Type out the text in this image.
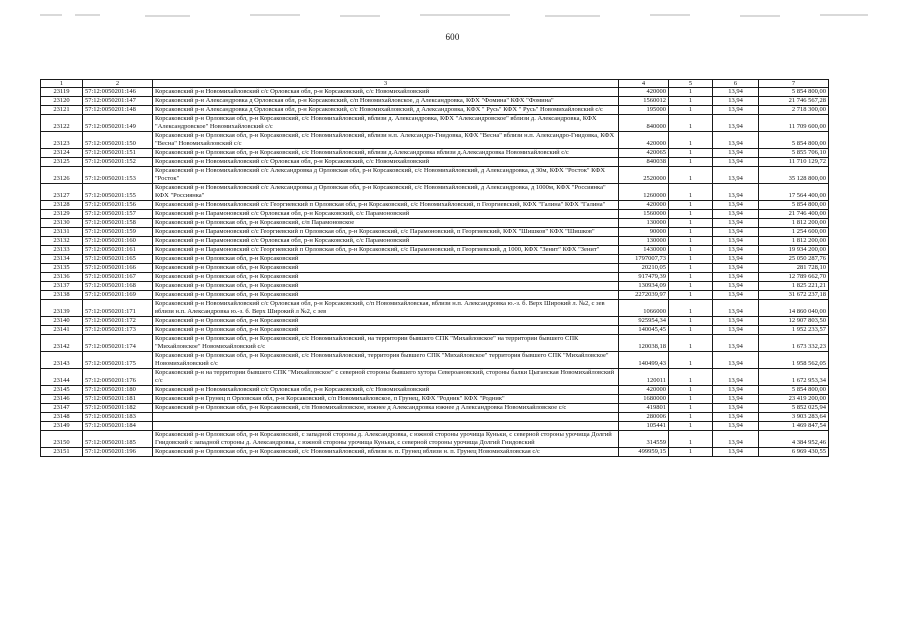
600
1	2	3	4	5	6	7
23119	57:12:0050201:146	Корсаковский р-н Новомихайловский с/с Орловская обл, р-н Корсаковский, с/с Новомихайловский	420000	1	13,94	5 854 800,00
23120	57:12:0050201:147	Корсаковский р-н Александровка д Орловская обл, р-н Корсаковский, с/п Новомихайловское, д Александровка, КФХ "Фомина" КФХ "Фомина"	1560012	1	13,94	21 746 567,28
23121	57:12:0050201:148	Корсаковский р-н Александровка д Орловская обл, р-н Корсаковский, с/с Новомихайловский, д Александровка, КФХ " Русь" КФХ " Русь" Новомихайловский с/с	195000	1	13,94	2 718 300,00
23122	57:12:0050201:149	Корсаковский р-н Орловская обл, р-н Корсаковский, с/с Новомихайловский, вблизи д. Александровка, КФХ "Александровское" вблизи д. Александровка, КФХ "Александровское" Новомихайловский с/с	840000	1	13,94	11 709 600,00
23123	57:12:0050201:150	Корсаковский р-н Орловская обл, р-н Корсаковский, с/с Новомихайловский, вблизи н.п. Александро-Гнидовка, КФХ "Весна" вблизи н.п. Александро-Гнидовка, КФХ "Весна" Новомихайловский с/с	420000	1	13,94	5 854 800,00
23124	57:12:0050201:151	Корсаковский р-н Орловская обл, р-н Корсаковский, с/с Новомихайловский, вблизи д.Александровка вблизи д.Александровка Новомихайловский с/с	420065	1	13,94	5 855 706,10
23125	57:12:0050201:152	Корсаковский р-н Новомихайловский с/с Орловская обл, р-н Корсаковский, с/с Новомихайловский	840038	1	13,94	11 710 129,72
23126	57:12:0050201:153	Корсаковский р-н Новомихайловский с/с Александровка д Орловская обл, р-н Корсаковский, с/с Новомихайловский, д Александровка, д 30м, КФХ "Росток" КФХ "Росток"	2520000	1	13,94	35 128 800,00
23127	57:12:0050201:155	Корсаковский р-н Новомихайловский с/с Александровка д Орловская обл, р-н Корсаковский, с/с Новомихайловский, д Александровка, д 1000м, КФХ "Россиянка" КФХ "Россиянка"	1260000	1	13,94	17 564 400,00
23128	57:12:0050201:156	Корсаковский р-н Новомихайловский с/с Георгиевский п Орловская обл, р-н Корсаковский, с/с Новомихайловский, п Георгиевский, КФХ "Галина" КФХ "Галина"	420000	1	13,94	5 854 800,00
23129	57:12:0050201:157	Корсаковский р-н Парамоновский с/с Орловская обл, р-н Корсаковский, с/с Парамоновский	1560000	1	13,94	21 746 400,00
23130	57:12:0050201:158	Корсаковский р-н Орловская обл, р-н Корсаковский, с/п Парамоновское	130000	1	13,94	1 812 200,00
23131	57:12:0050201:159	Корсаковский р-н Парамоновский с/с Георгиевский п Орловская обл, р-н Корсаковский, с/с Парамоновский, п Георгиевский, КФХ "Шишков" КФХ "Шишков"	90000	1	13,94	1 254 600,00
23132	57:12:0050201:160	Корсаковский р-н Парамоновский с/с Орловская обл, р-н Корсаковский, с/с Парамоновский	130000	1	13,94	1 812 200,00
23133	57:12:0050201:161	Корсаковский р-н Парамоновский с/с Георгиевский п Орловская обл, р-н Корсаковский, с/с Парамоновский, п Георгиевский, д 1000, КФХ "Зенит" КФХ "Зенит"	1430000	1	13,94	19 934 200,00
23134	57:12:0050201:165	Корсаковский р-н Орловская обл, р-н Корсаковский	1797007,73	1	13,94	25 050 287,76
23135	57:12:0050201:166	Корсаковский р-н Орловская обл, р-н Корсаковский	20210,05	1	13,94	281 728,10
23136	57:12:0050201:167	Корсаковский р-н Орловская обл, р-н Корсаковский	917479,39	1	13,94	12 789 662,70
23137	57:12:0050201:168	Корсаковский р-н Орловская обл, р-н Корсаковский	130934,09	1	13,94	1 825 221,21
23138	57:12:0050201:169	Корсаковский р-н Орловская обл, р-н Корсаковский	2272039,97	1	13,94	31 672 237,18
23139	57:12:0050201:171	Корсаковский р-н Новомихайловский с/с Орловская обл, р-н Корсаковский, с/п Новомихайловская, вблизи н.п. Александровка ю.-з. б. Верх Широкий л. №2, с зев вблизи н.п. Александровка ю.-з. б. Верх Широкий л №2, с зев	1066000	1	13,94	14 860 040,00
23140	57:12:0050201:172	Корсаковский р-н Орловская обл, р-н Корсаковский	925954,34	1	13,94	12 907 803,50
23141	57:12:0050201:173	Корсаковский р-н Орловская обл, р-н Корсаковский	140045,45	1	13,94	1 952 233,57
23142	57:12:0050201:174	Корсаковский р-н Орловская обл, р-н Корсаковский, с/с Новомихайловский, на территории бывшего СПК "Михайловское" на территории бывшего СПК "Михайловское" Новомихайловский с/с	120038,18	1	13,94	1 673 332,23
23143	57:12:0050201:175	Корсаковский р-н Орловская обл, р-н Корсаковский, с/с Новомихайловский, территория бывшего СПК "Михайловское" территория бывшего СПК "Михайловское" Новомихайловский с/с	140499,43	1	13,94	1 958 562,05
23144	57:12:0050201:176	Корсаковский р-н на территории бывшего СПК "Михайловское" с северной стороны бывшего хутора Североановский, стороны балки Цыганская Новомихайловский с/с	120011	1	13,94	1 672 953,34
23145	57:12:0050201:180	Корсаковский р-н Новомихайловский с/с Орловская обл, р-н Корсаковский, с/с Новомихайловский	420000	1	13,94	5 854 800,00
23146	57:12:0050201:181	Корсаковский р-н Грунец п Орловская обл, р-н Корсаковский, с/п Новомихайловское, п Грунец, КФХ "Родник" КФХ "Родник"	1680000	1	13,94	23 419 200,00
23147	57:12:0050201:182	Корсаковский р-н Орловская обл, р-н Корсаковский, с/п Новомихайловское, южнее д Александровка южнее д Александровка Новомихайловское с/с	419801	1	13,94	5 852 025,94
23148	57:12:0050201:183		280006	1	13,94	3 903 283,64
23149	57:12:0050201:184		105441	1	13,94	1 469 847,54
23150	57:12:0050201:185	Корсаковский р-н Орловская обл, р-н Корсаковский, с западной стороны д. Александровка, с южной стороны урочища Куньки, с северной стороны урочища Долгий Гнидовский с западной стороны д. Александровка, с южной стороны урочища Куньки, с северной стороны урочища Долгий Гнидовский	314559	1	13,94	4 384 952,46
23151	57:12:0050201:196	Корсаковский р-н Орловская обл, р-н Корсаковский, с/с Новомихайловский, вблизи н. п. Грунец вблизи н. п. Грунец Новомихайловская с/с	499959,15	1	13,94	6 969 430,55
